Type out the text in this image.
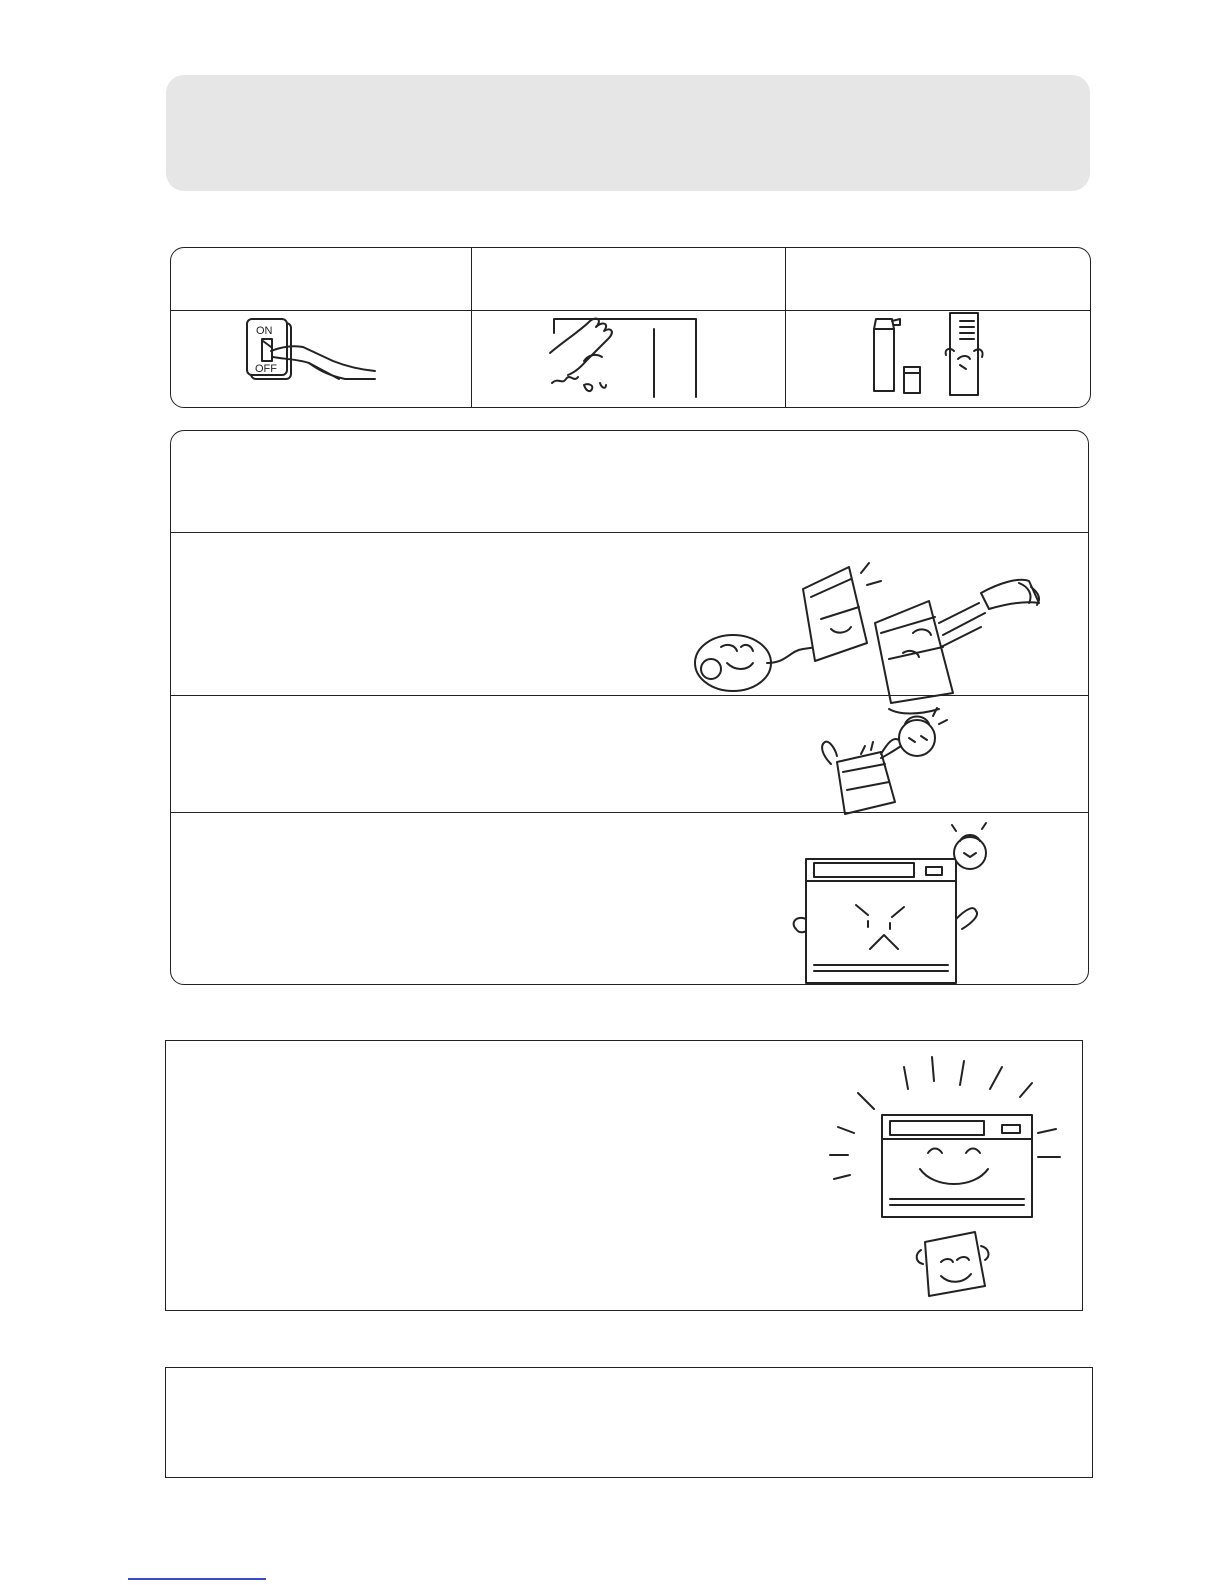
ON
OFF
